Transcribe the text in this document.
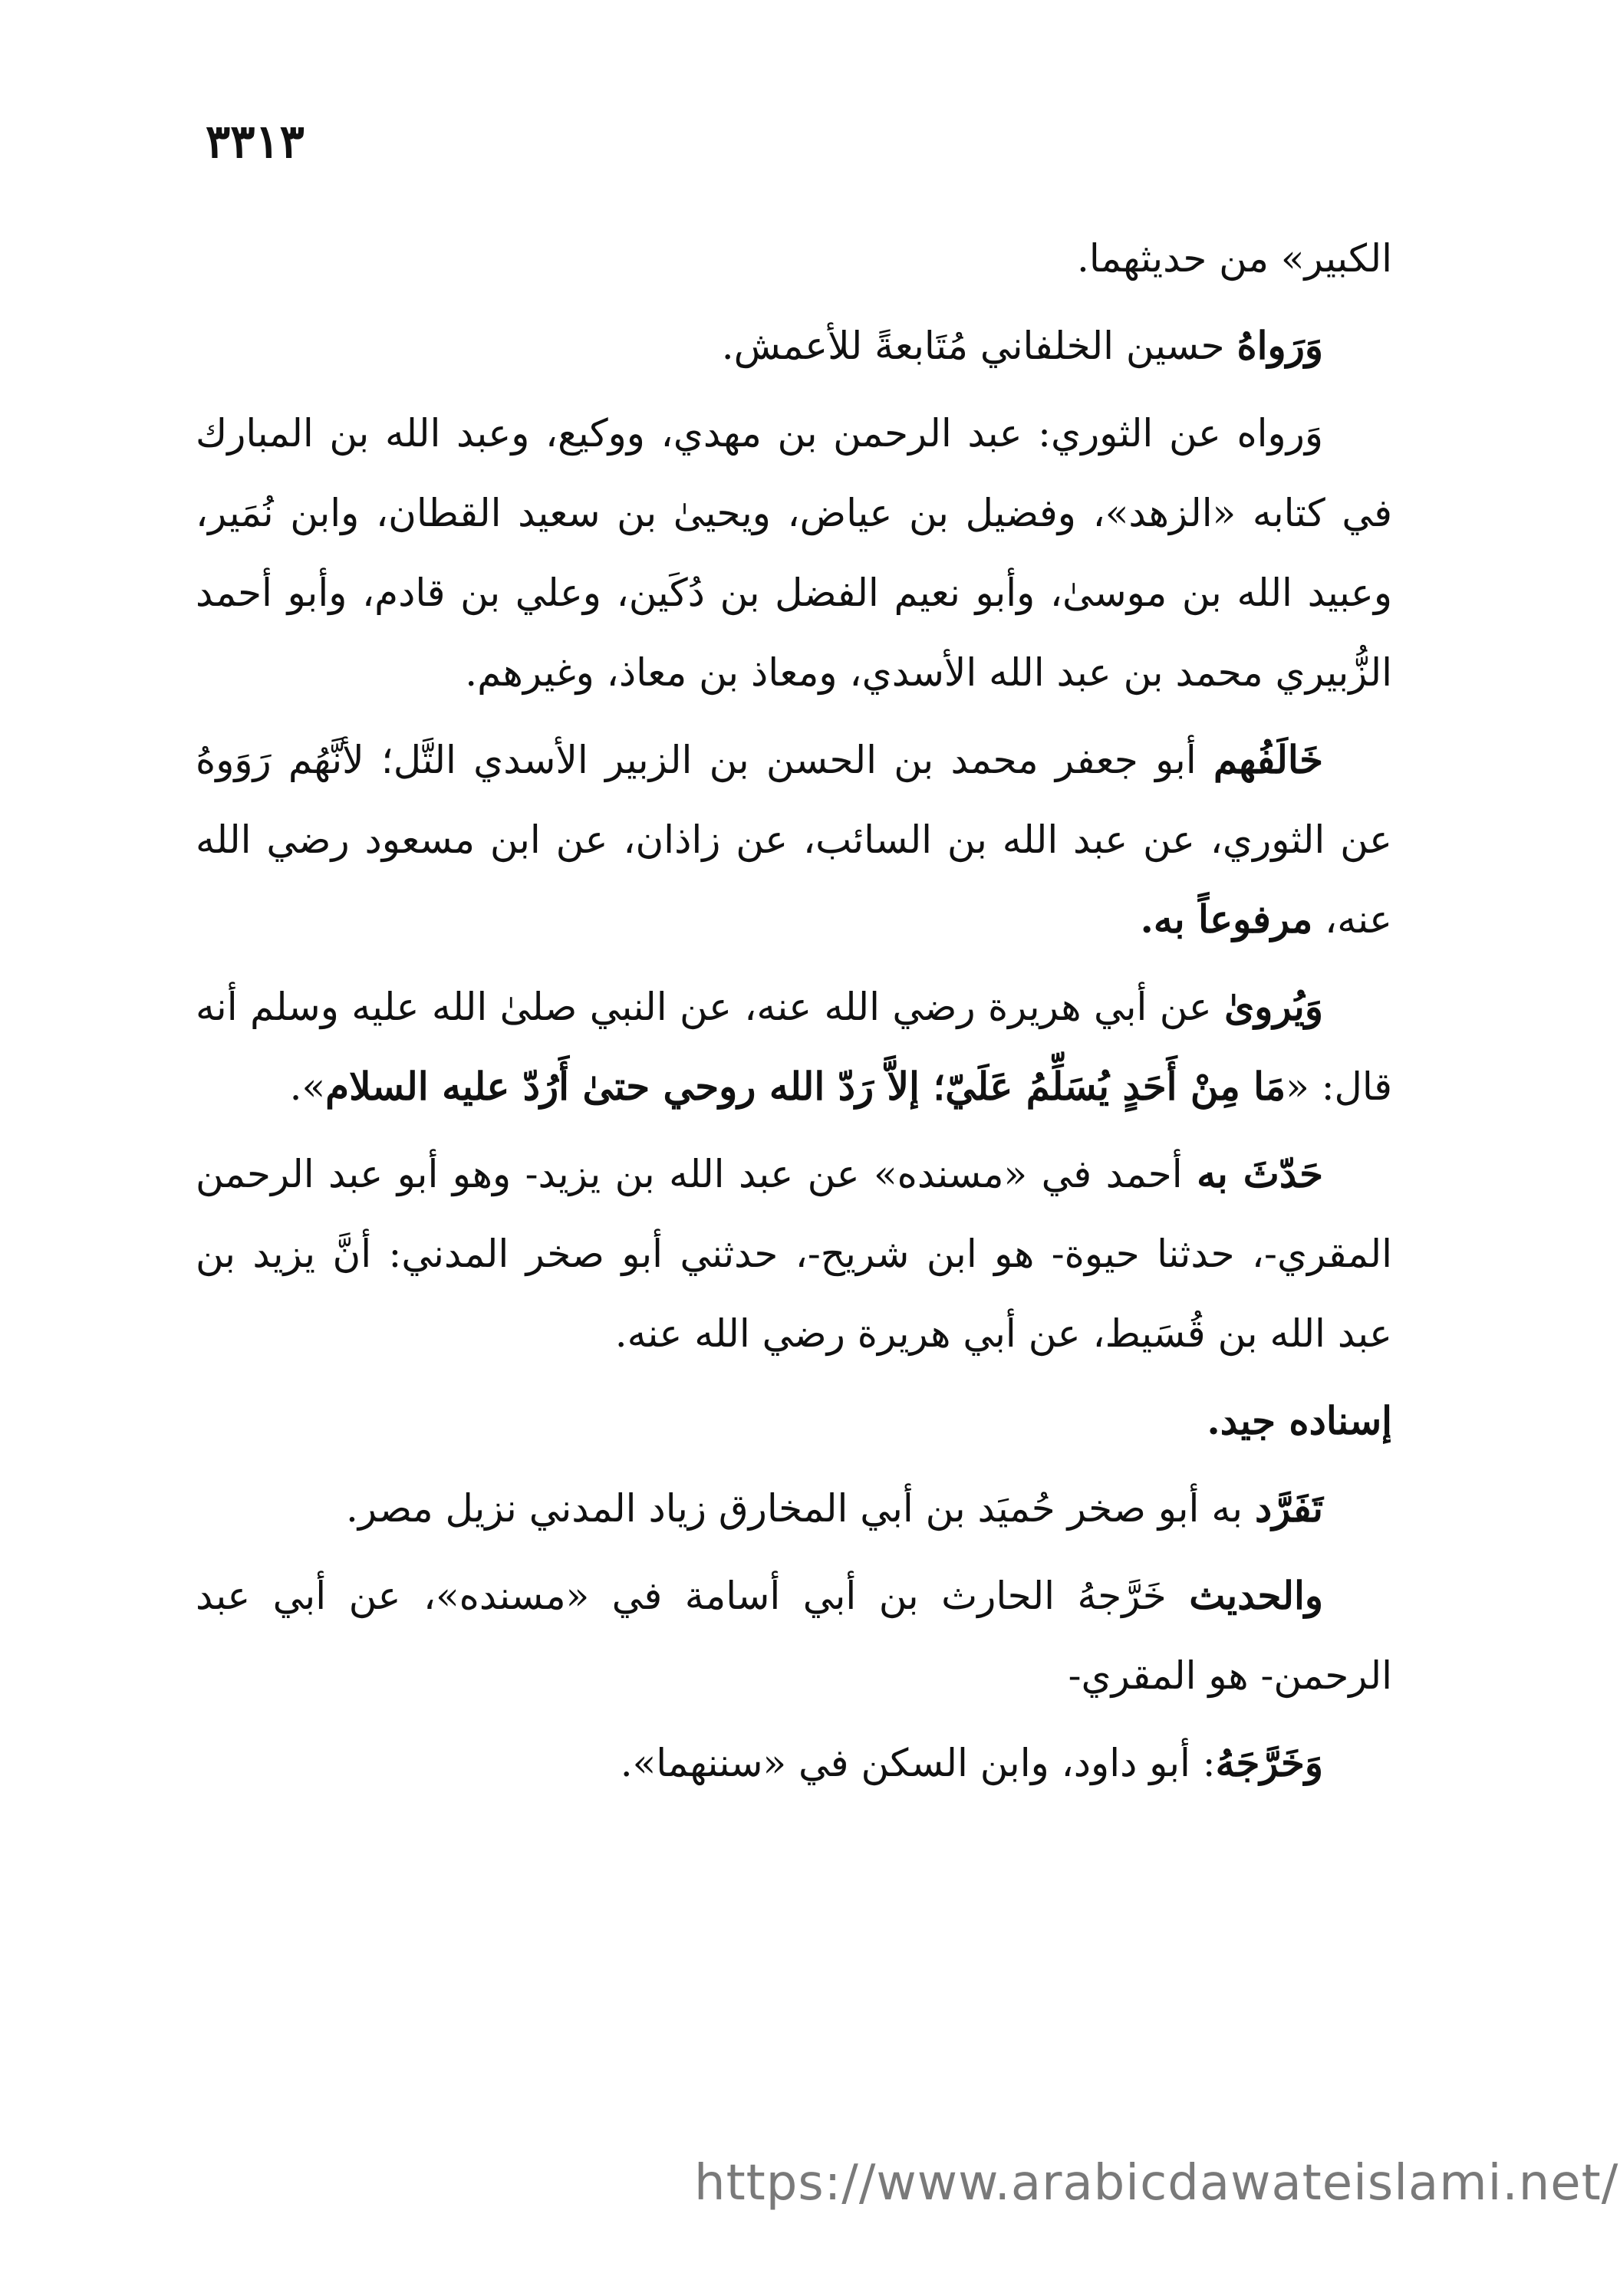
٣٣١٣

الكبير» من حديثهما.

وَرَواهُ حسين الخلفاني مُتَابعةً للأعمش.

وَرواه عن الثوري: عبد الرحمن بن مهدي، ووكيع، وعبد الله بن المبارك في كتابه «الزهد»، وفضيل بن عياض، ويحيىٰ بن سعيد القطان، وابن نُمَير، وعبيد الله بن موسىٰ، وأبو نعيم الفضل بن دُكَين، وعلي بن قادم، وأبو أحمد الزُّبيري محمد بن عبد الله الأسدي، ومعاذ بن معاذ، وغيرهم.

خَالَفُهم أبو جعفر محمد بن الحسن بن الزبير الأسدي التَّل؛ لأنَّهُم رَوَوهُ عن الثوري، عن عبد الله بن السائب، عن زاذان، عن ابن مسعود رضي الله عنه، مرفوعاً به.

وَيُروىٰ عن أبي هريرة رضي الله عنه، عن النبي صلىٰ الله عليه وسلم أنه قال: «مَا مِنْ أَحَدٍ يُسَلِّمُ عَلَيّ؛ إلاَّ رَدّ الله روحي حتىٰ أَرُدّ عليه السلام».

حَدّثَ به أحمد في «مسنده» عن عبد الله بن يزيد- وهو أبو عبد الرحمن المقري-، حدثنا حيوة- هو ابن شريح-، حدثني أبو صخر المدني: أنَّ يزيد بن عبد الله بن قُسَيط، عن أبي هريرة رضي الله عنه.

إسناده جيد.

تَفَرَّد به أبو صخر حُميَد بن أبي المخارق زياد المدني نزيل مصر.

والحديث خَرَّجهُ الحارث بن أبي أسامة في «مسنده»، عن أبي عبد الرحمن- هو المقري-

وَخَرَّجَهُ: أبو داود، وابن السكن في «سننهما».

https://www.arabicdawateislami.net/
